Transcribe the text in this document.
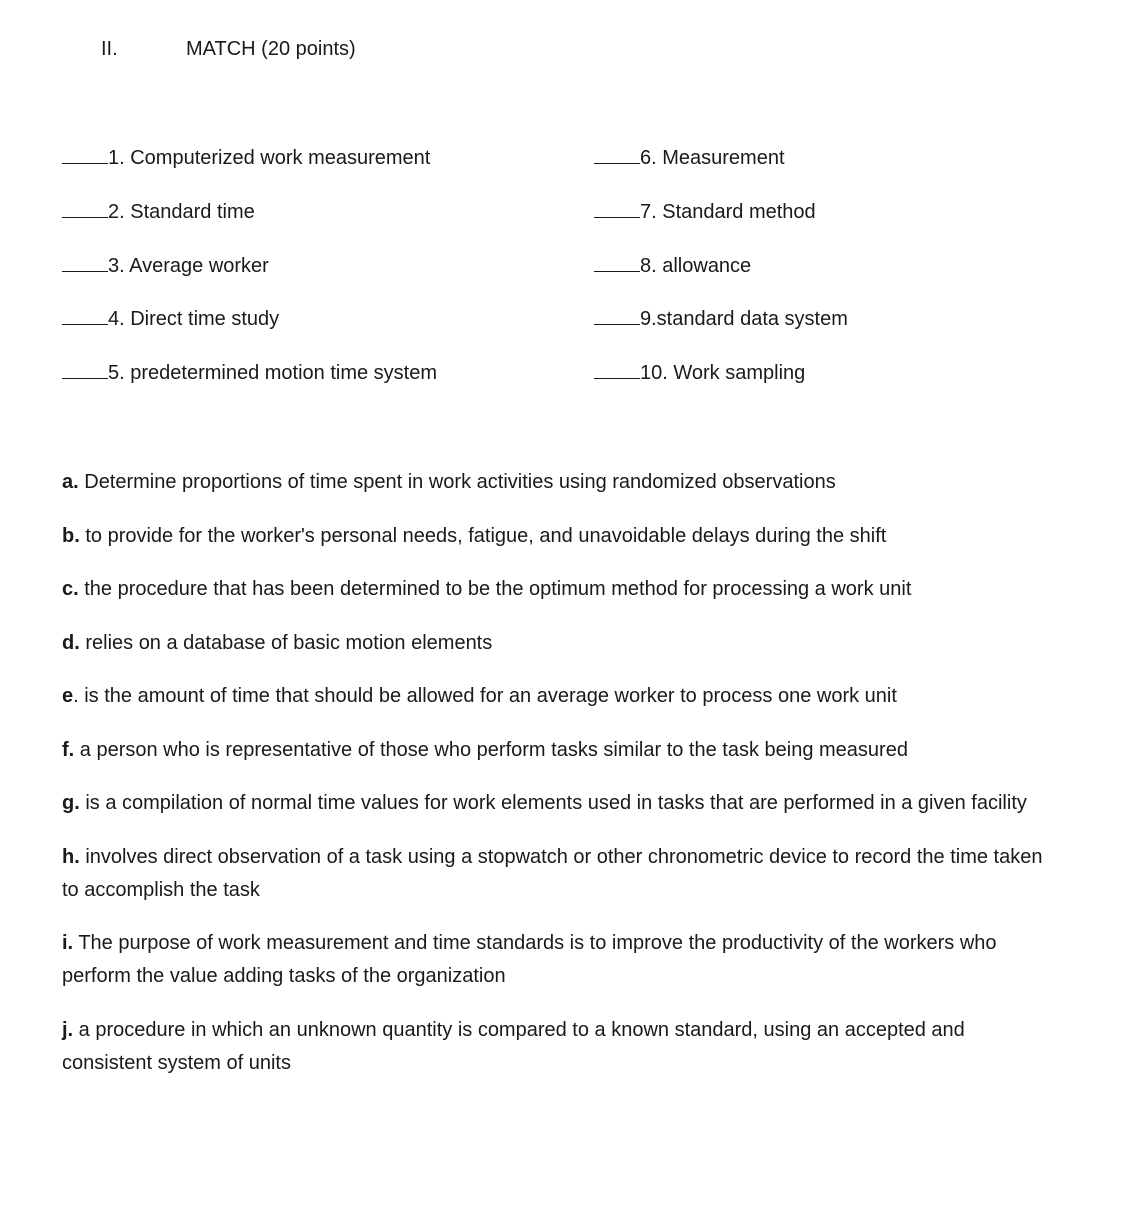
II.	MATCH (20 points)
1. Computerized work measurement	6. Measurement
2. Standard time	7. Standard method
3. Average worker	8. allowance
4. Direct time study	9.standard data system
5. predetermined motion time system	10. Work sampling
a. Determine proportions of time spent in work activities using randomized observations
b. to provide for the worker's personal needs, fatigue, and unavoidable delays during the shift
c. the procedure that has been determined to be the optimum method for processing a work unit
d. relies on a database of basic motion elements
e. is the amount of time that should be allowed for an average worker to process one work unit
f. a person who is representative of those who perform tasks similar to the task being measured
g. is a compilation of normal time values for work elements used in tasks that are performed in a given facility
h. involves direct observation of a task using a stopwatch or other chronometric device to record the time taken to accomplish the task
i. The purpose of work measurement and time standards is to improve the productivity of the workers who perform the value adding tasks of the organization
j. a procedure in which an unknown quantity is compared to a known standard, using an accepted and consistent system of units
